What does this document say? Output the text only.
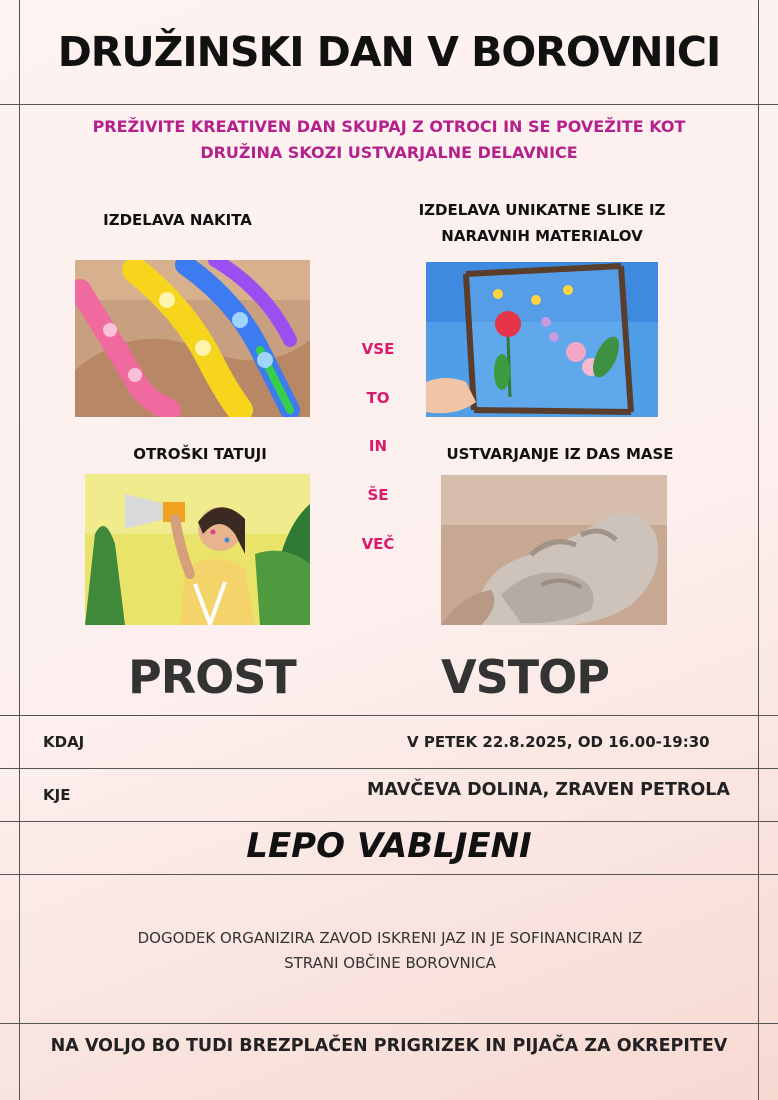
DRUŽINSKI DAN V BOROVNICI
PREŽIVITE KREATIVEN DAN SKUPAJ Z OTROCI IN SE POVEŽITE KOT
DRUŽINA SKOZI USTVARJALNE DELAVNICE
IZDELAVA NAKITA
IZDELAVA UNIKATNE SLIKE IZ
NARAVNIH MATERIALOV
OTROŠKI TATUJI	USTVARJANJE IZ DAS MASE
VSE
TO
IN
ŠE
VEČ
PROST	VSTOP
KDAJ	V PETEK 22.8.2025, OD 16.00-19:30
KJE	MAVČEVA DOLINA, ZRAVEN PETROLA
LEPO VABLJENI
DOGODEK ORGANIZIRA ZAVOD ISKRENI JAZ IN JE SOFINANCIRAN IZ
STRANI OBČINE BOROVNICA
NA VOLJO BO TUDI BREZPLAČEN PRIGRIZEK IN PIJAČA ZA OKREPITEV
